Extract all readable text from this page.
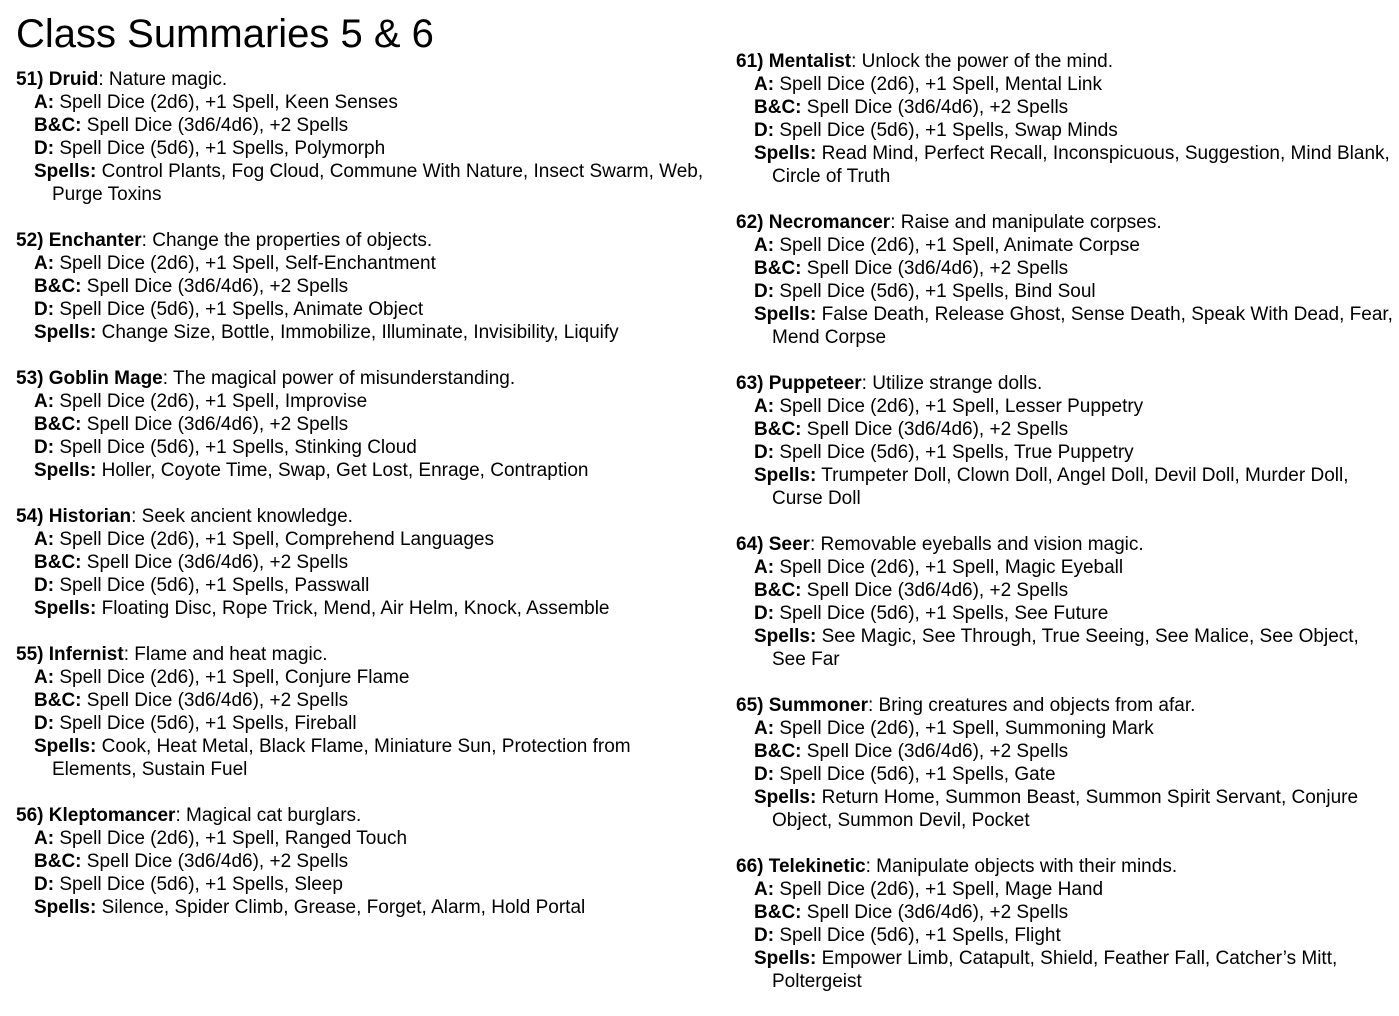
Class Summaries 5 & 6
51) Druid: Nature magic.
A: Spell Dice (2d6), +1 Spell, Keen Senses
B&C: Spell Dice (3d6/4d6), +2 Spells
D: Spell Dice (5d6), +1 Spells, Polymorph
Spells: Control Plants, Fog Cloud, Commune With Nature, Insect Swarm, Web, Purge Toxins
52) Enchanter: Change the properties of objects.
A: Spell Dice (2d6), +1 Spell, Self-Enchantment
B&C: Spell Dice (3d6/4d6), +2 Spells
D: Spell Dice (5d6), +1 Spells, Animate Object
Spells: Change Size, Bottle, Immobilize, Illuminate, Invisibility, Liquify
53) Goblin Mage: The magical power of misunderstanding.
A: Spell Dice (2d6), +1 Spell, Improvise
B&C: Spell Dice (3d6/4d6), +2 Spells
D: Spell Dice (5d6), +1 Spells, Stinking Cloud
Spells: Holler, Coyote Time, Swap, Get Lost, Enrage, Contraption
54) Historian: Seek ancient knowledge.
A: Spell Dice (2d6), +1 Spell, Comprehend Languages
B&C: Spell Dice (3d6/4d6), +2 Spells
D: Spell Dice (5d6), +1 Spells, Passwall
Spells: Floating Disc, Rope Trick, Mend, Air Helm, Knock, Assemble
55) Infernist: Flame and heat magic.
A: Spell Dice (2d6), +1 Spell, Conjure Flame
B&C: Spell Dice (3d6/4d6), +2 Spells
D: Spell Dice (5d6), +1 Spells, Fireball
Spells: Cook, Heat Metal, Black Flame, Miniature Sun, Protection from Elements, Sustain Fuel
56) Kleptomancer: Magical cat burglars.
A: Spell Dice (2d6), +1 Spell, Ranged Touch
B&C: Spell Dice (3d6/4d6), +2 Spells
D: Spell Dice (5d6), +1 Spells, Sleep
Spells: Silence, Spider Climb, Grease, Forget, Alarm, Hold Portal
61) Mentalist: Unlock the power of the mind.
A: Spell Dice (2d6), +1 Spell, Mental Link
B&C: Spell Dice (3d6/4d6), +2 Spells
D: Spell Dice (5d6), +1 Spells, Swap Minds
Spells: Read Mind, Perfect Recall, Inconspicuous, Suggestion, Mind Blank, Circle of Truth
62) Necromancer: Raise and manipulate corpses.
A: Spell Dice (2d6), +1 Spell, Animate Corpse
B&C: Spell Dice (3d6/4d6), +2 Spells
D: Spell Dice (5d6), +1 Spells, Bind Soul
Spells: False Death, Release Ghost, Sense Death, Speak With Dead, Fear, Mend Corpse
63) Puppeteer: Utilize strange dolls.
A: Spell Dice (2d6), +1 Spell, Lesser Puppetry
B&C: Spell Dice (3d6/4d6), +2 Spells
D: Spell Dice (5d6), +1 Spells, True Puppetry
Spells: Trumpeter Doll, Clown Doll, Angel Doll, Devil Doll, Murder Doll, Curse Doll
64) Seer: Removable eyeballs and vision magic.
A: Spell Dice (2d6), +1 Spell, Magic Eyeball
B&C: Spell Dice (3d6/4d6), +2 Spells
D: Spell Dice (5d6), +1 Spells, See Future
Spells: See Magic, See Through, True Seeing, See Malice, See Object, See Far
65) Summoner: Bring creatures and objects from afar.
A: Spell Dice (2d6), +1 Spell, Summoning Mark
B&C: Spell Dice (3d6/4d6), +2 Spells
D: Spell Dice (5d6), +1 Spells, Gate
Spells: Return Home, Summon Beast, Summon Spirit Servant, Conjure Object, Summon Devil, Pocket
66) Telekinetic: Manipulate objects with their minds.
A: Spell Dice (2d6), +1 Spell, Mage Hand
B&C: Spell Dice (3d6/4d6), +2 Spells
D: Spell Dice (5d6), +1 Spells, Flight
Spells: Empower Limb, Catapult, Shield, Feather Fall, Catcher’s Mitt, Poltergeist
